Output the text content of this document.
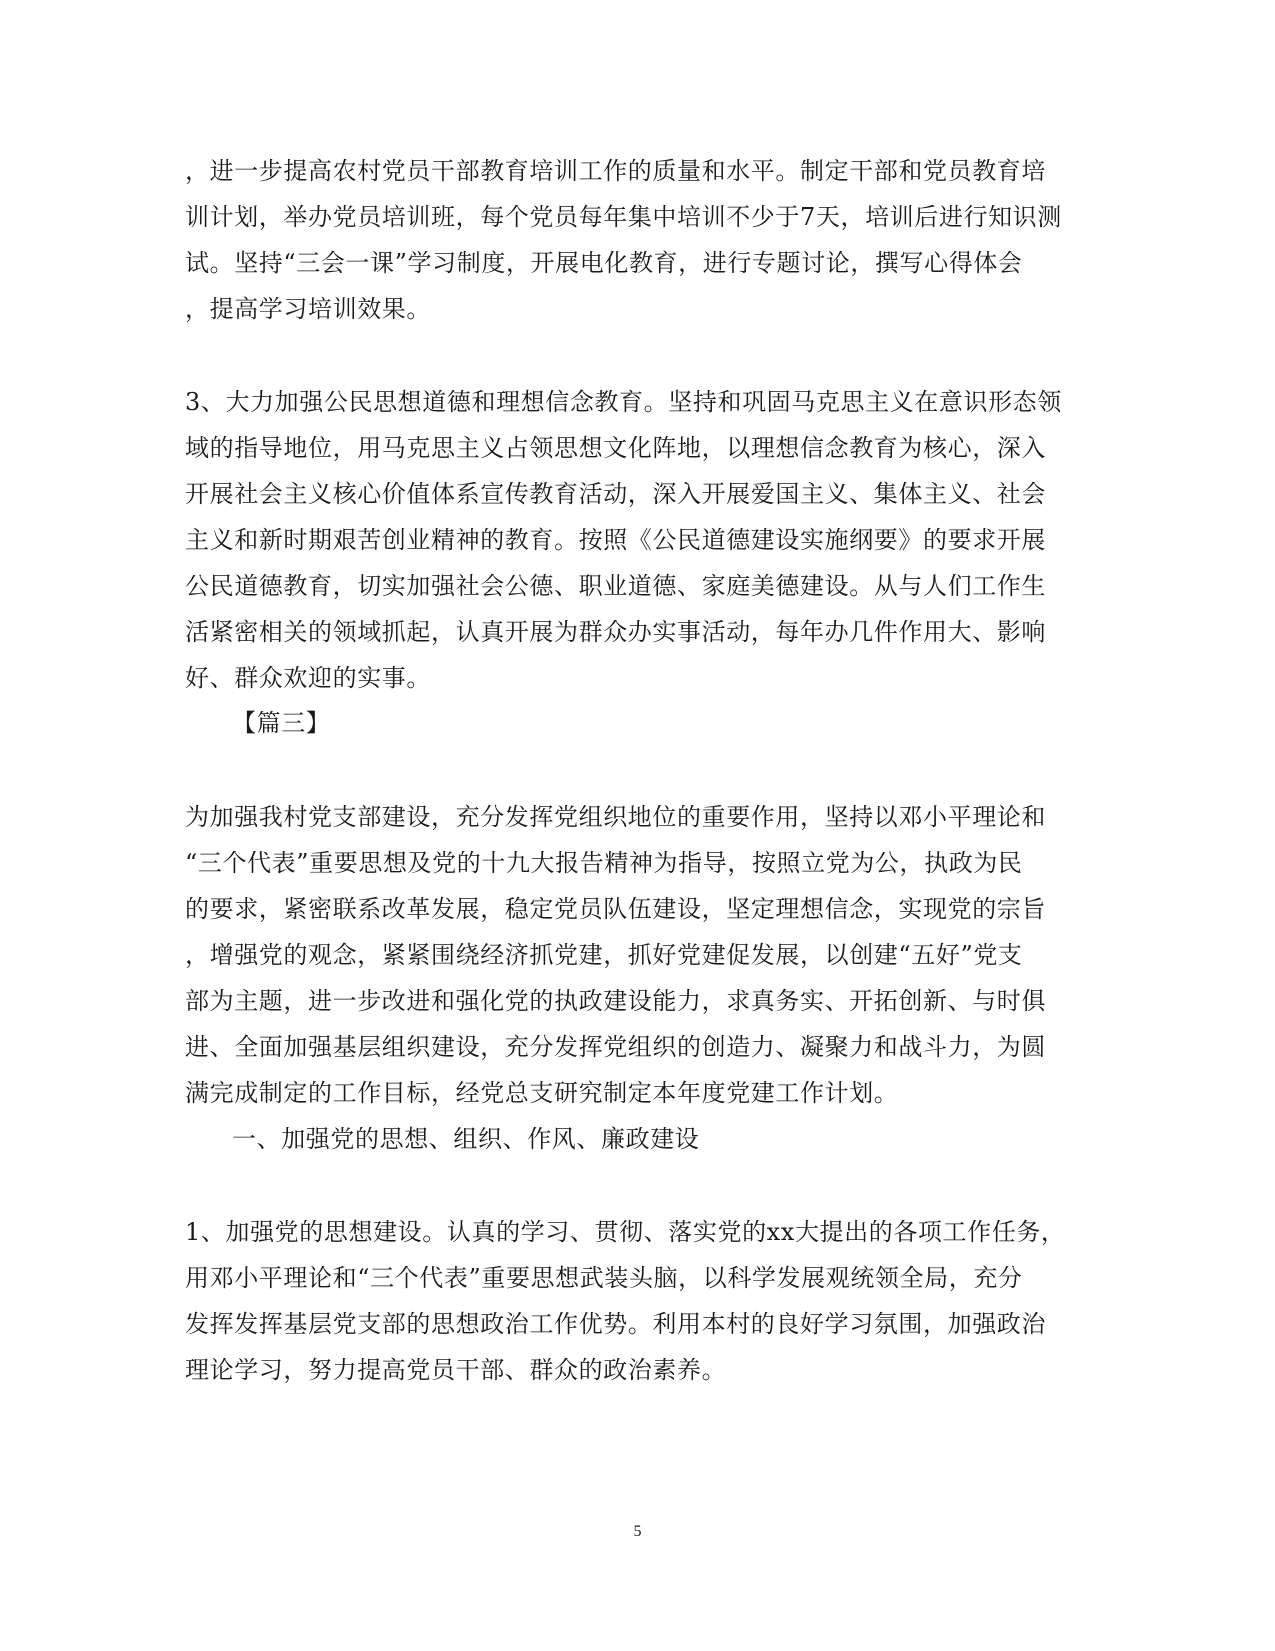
，进一步提高农村党员干部教育培训工作的质量和水平。制定干部和党员教育培
训计划，举办党员培训班，每个党员每年集中培训不少于7天，培训后进行知识测
试。坚持“三会一课”学习制度，开展电化教育，进行专题讨论，撰写心得体会
，提高学习培训效果。
3、大力加强公民思想道德和理想信念教育。坚持和巩固马克思主义在意识形态领
域的指导地位，用马克思主义占领思想文化阵地，以理想信念教育为核心，深入
开展社会主义核心价值体系宣传教育活动，深入开展爱国主义、集体主义、社会
主义和新时期艰苦创业精神的教育。按照《公民道德建设实施纲要》的要求开展
公民道德教育，切实加强社会公德、职业道德、家庭美德建设。从与人们工作生
活紧密相关的领域抓起，认真开展为群众办实事活动，每年办几件作用大、影响
好、群众欢迎的实事。
【篇三】
为加强我村党支部建设，充分发挥党组织地位的重要作用，坚持以邓小平理论和
“三个代表”重要思想及党的十九大报告精神为指导，按照立党为公，执政为民
的要求，紧密联系改革发展，稳定党员队伍建设，坚定理想信念，实现党的宗旨
，增强党的观念，紧紧围绕经济抓党建，抓好党建促发展，以创建“五好”党支
部为主题，进一步改进和强化党的执政建设能力，求真务实、开拓创新、与时俱
进、全面加强基层组织建设，充分发挥党组织的创造力、凝聚力和战斗力，为圆
满完成制定的工作目标，经党总支研究制定本年度党建工作计划。
一、加强党的思想、组织、作风、廉政建设
1、加强党的思想建设。认真的学习、贯彻、落实党的xx大提出的各项工作任务，
用邓小平理论和“三个代表”重要思想武装头脑，以科学发展观统领全局，充分
发挥发挥基层党支部的思想政治工作优势。利用本村的良好学习氛围，加强政治
理论学习，努力提高党员干部、群众的政治素养。
5
